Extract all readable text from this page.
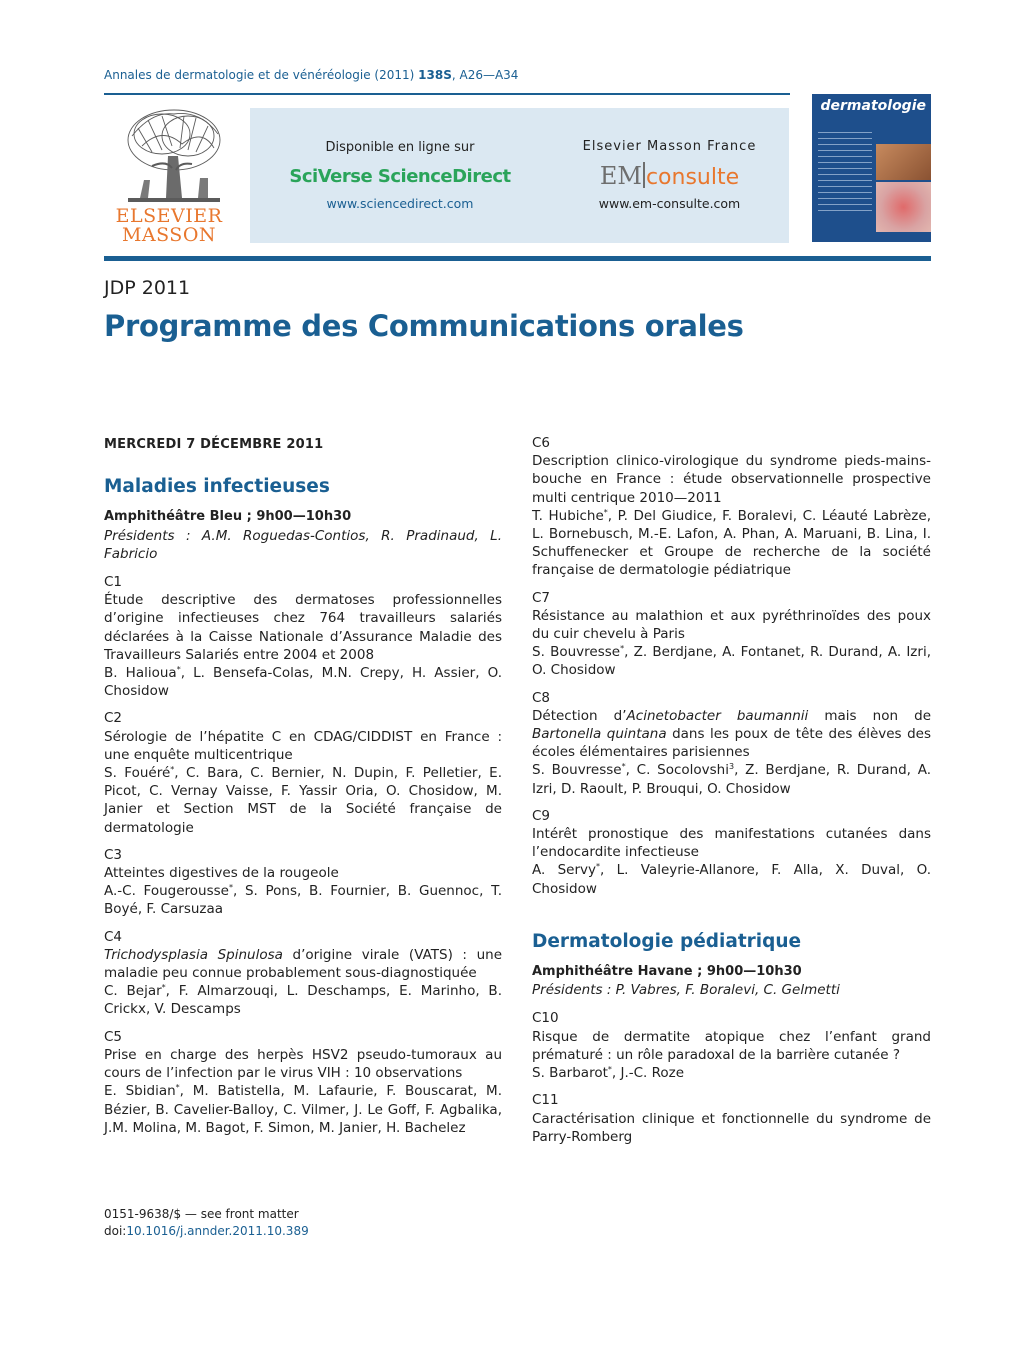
Annales de dermatologie et de vénéréologie (2011) 138S, A26—A34
ELSEVIER
MASSON
Disponible en ligne sur
SciVerse ScienceDirect
www.sciencedirect.com
Elsevier Masson France
EM consulte
www.em-consulte.com
dermatologie
JDP 2011
Programme des Communications orales
MERCREDI 7 DÉCEMBRE 2011
Maladies infectieuses
Amphithéâtre Bleu ; 9h00—10h30
Présidents : A.M. Roguedas-Contios, R. Pradinaud, L. Fabricio
C1
Étude descriptive des dermatoses professionnelles d’origine infectieuses chez 764 travailleurs salariés déclarées à la Caisse Nationale d’Assurance Maladie des Travailleurs Salariés entre 2004 et 2008
B. Halioua*, L. Bensefa-Colas, M.N. Crepy, H. Assier, O. Chosidow
C2
Sérologie de l’hépatite C en CDAG/CIDDIST en France : une enquête multicentrique
S. Fouéré*, C. Bara, C. Bernier, N. Dupin, F. Pelletier, E. Picot, C. Vernay Vaisse, F. Yassir Oria, O. Chosidow, M. Janier et Section MST de la Société française de dermatologie
C3
Atteintes digestives de la rougeole
A.-C. Fougerousse*, S. Pons, B. Fournier, B. Guennoc, T. Boyé, F. Carsuzaa
C4
Trichodysplasia Spinulosa d’origine virale (VATS) : une maladie peu connue probablement sous-diagnostiquée
C. Bejar*, F. Almarzouqi, L. Deschamps, E. Marinho, B. Crickx, V. Descamps
C5
Prise en charge des herpès HSV2 pseudo-tumoraux au cours de l’infection par le virus VIH : 10 observations
E. Sbidian*, M. Batistella, M. Lafaurie, F. Bouscarat, M. Bézier, B. Cavelier-Balloy, C. Vilmer, J. Le Goff, F. Agbalika, J.M. Molina, M. Bagot, F. Simon, M. Janier, H. Bachelez
C6
Description clinico-virologique du syndrome pieds-mains-bouche en France : étude observationnelle prospective multi centrique 2010—2011
T. Hubiche*, P. Del Giudice, F. Boralevi, C. Léauté Labrèze, L. Bornebusch, M.-E. Lafon, A. Phan, A. Maruani, B. Lina, I. Schuffenecker et Groupe de recherche de la société française de dermatologie pédiatrique
C7
Résistance au malathion et aux pyréthrinoïdes des poux du cuir chevelu à Paris
S. Bouvresse*, Z. Berdjane, A. Fontanet, R. Durand, A. Izri, O. Chosidow
C8
Détection d’Acinetobacter baumannii mais non de Bartonella quintana dans les poux de tête des élèves des écoles élémentaires parisiennes
S. Bouvresse*, C. Socolovshi$^3$, Z. Berdjane, R. Durand, A. Izri, D. Raoult, P. Brouqui, O. Chosidow
C9
Intérêt pronostique des manifestations cutanées dans l’endocardite infectieuse
A. Servy*, L. Valeyrie-Allanore, F. Alla, X. Duval, O. Chosidow
Dermatologie pédiatrique
Amphithéâtre Havane ; 9h00—10h30
Présidents : P. Vabres, F. Boralevi, C. Gelmetti
C10
Risque de dermatite atopique chez l’enfant grand prématuré : un rôle paradoxal de la barrière cutanée ?
S. Barbarot*, J.-C. Roze
C11
Caractérisation clinique et fonctionnelle du syndrome de Parry-Romberg
0151-9638/$ — see front matter
doi:10.1016/j.annder.2011.10.389
